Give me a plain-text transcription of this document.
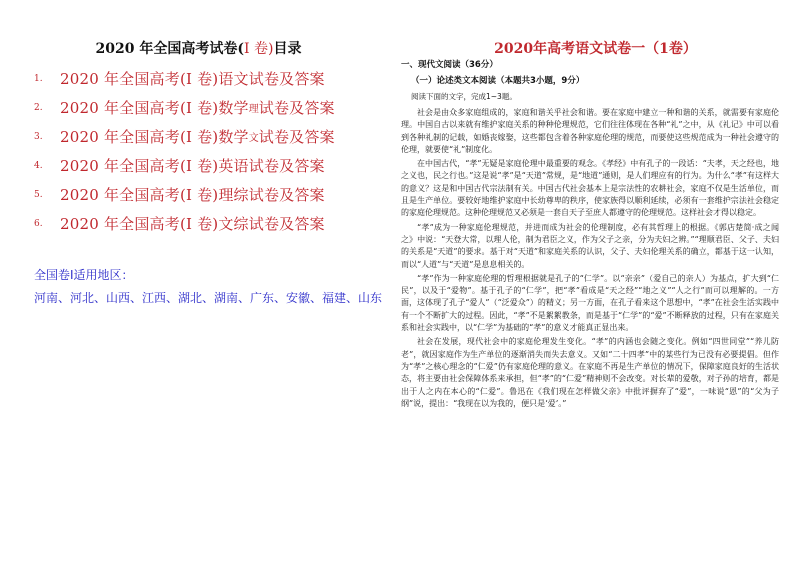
2020 年全国高考试卷(I 卷)目录
1. 2020 年全国高考(I 卷)语文试卷及答案
2. 2020 年全国高考(I 卷)数学理试卷及答案
3. 2020 年全国高考(I 卷)数学文试卷及答案
4. 2020 年全国高考(I 卷)英语试卷及答案
5. 2020 年全国高考(I 卷)理综试卷及答案
6. 2020 年全国高考(I 卷)文综试卷及答案
全国卷Ⅰ适用地区：
河南、河北、山西、江西、湖北、湖南、广东、安徽、福建、山东
2020年高考语文试卷一（1卷）
一、现代文阅读（36分）
（一）论述类文本阅读（本题共3小题，9分）
阅读下面的文字，完成1~3题。

社会是由众多家庭组成的，家庭和谐关乎社会和谐。要在家庭中建立一种和谐的关系，就需要有家庭伦理。中国自古以来就有维护家庭关系的种种伦理规范，它们往往体现在各种“礼”之中，从《礼记》中可以看到各种礼制的记载，如婚丧嫁娶，这些都包含着各种家庭伦理的规范，而要使这些规范成为一种社会遵守的伦理，就要使“礼”制度化。

在中国古代，“孝”无疑是家庭伦理中最重要的观念。《孝经》中有孔子的一段话：“夫孝，天之经也，地之义也，民之行也。”这是说“孝”是“天道”常规，是“地道”通则，是人们理应有的行为。为什么“孝”有这样大的意义？这是和中国古代宗法制有关。中国古代社会基本上是宗法性的农耕社会，家庭不仅是生活单位，而且是生产单位。要较好地维护家庭中长幼尊卑的秩序，使家族得以顺利延续，必须有一套维护宗法社会稳定的家庭伦理规范。这种伦理规范又必须是一套自天子至庶人都遵守的伦理规范。这样社会才得以稳定。

“孝”成为一种家庭伦理规范，并进而成为社会的伦理制度，必有其哲理上的根据。《郭店楚简·成之闻之》中说：“天登大常，以理人伦，制为君臣之义，作为父子之亲，分为夫妇之辨。”“理顺君臣、父子、夫妇的关系是“天道”的要求。基于对“天道”和家庭关系的认识，父子、夫妇伦理关系的确立，都基于这一认知，而以“人道”与“天道”是息息相关的。

“孝”作为一种家庭伦理的哲理根据就是孔子的“仁学”。以“亲亲”（爱自己的亲人）为基点，扩大到“仁民”，以及于“爱物”。基于孔子的“仁学”，把“孝”看成是“天之经”“地之义”“人之行”而可以理解的。一方面，这体现了孔子“爱人”（“泛爱众”）的精义；另一方面，在孔子看来这个思想中，“孝”在社会生活实践中有一个不断扩大的过程。因此，“孝”不是絮絮教条，而是基于“仁学”的“爱”不断释放的过程，只有在家庭关系和社会实践中，以“仁学”为基础的“孝”的意义才能真正显出来。

社会在发展，现代社会中的家庭伦理发生变化。“孝”的内涵也会随之变化。例如“四世同堂”“养儿防老”，就因家庭作为生产单位的逐渐消失而失去意义。又如“二十四孝”中的某些行为已没有必要提倡。但作为“孝”之核心理念的“仁爱”仍有家庭伦理的意义。在家庭不再是生产单位的情况下，保障家庭良好的生活状态，将主要由社会保障体系来承担，但“孝”的“仁爱”精神则不会改变。对长辈的爱敬，对子孙的培育，都是出于人之内在本心的“仁爱”。鲁迅在《我们现在怎样做父亲》中批评摒弃了“爱”，一味说“恩”的“父为子纲”说，提出：“我现在以为我的，便只是‘爱’。”
